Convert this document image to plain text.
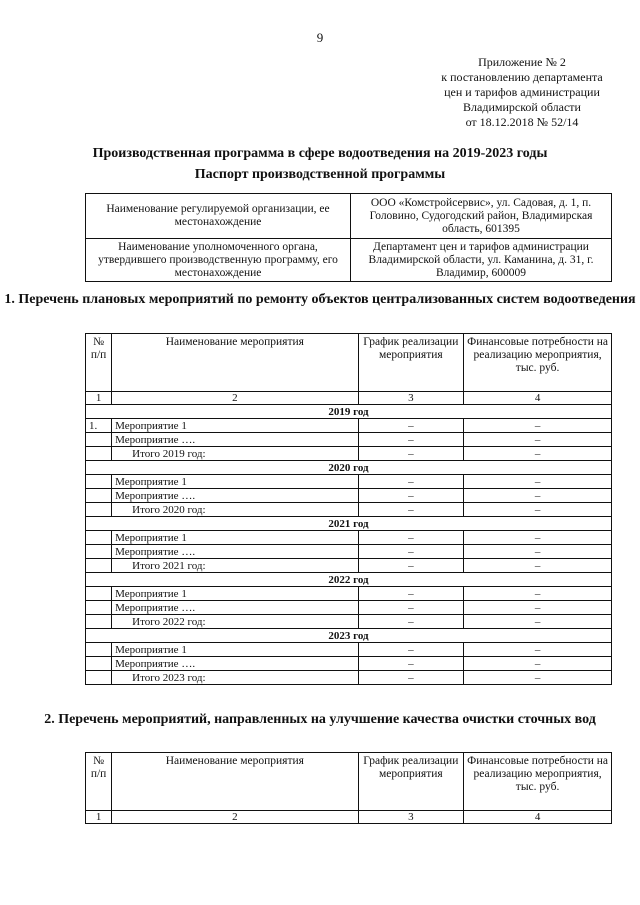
9
Приложение № 2
к постановлению департамента
цен и тарифов администрации
Владимирской области
от 18.12.2018 № 52/14
Производственная программа в сфере водоотведения на 2019-2023 годы
Паспорт производственной программы
Наименование регулируемой организации, ее местонахождение	ООО «Комстройсервис», ул. Садовая, д. 1, п. Головино, Судогодский район, Владимирская область, 601395
Наименование уполномоченного органа, утвердившего производственную программу, его местонахождение	Департамент цен и тарифов администрации Владимирской области, ул. Каманина, д. 31, г. Владимир, 600009
1. Перечень плановых мероприятий по ремонту объектов централизованных систем водоотведения
№ п/п	Наименование мероприятия	График реализации мероприятия	Финансовые потребности на реализацию мероприятия, тыс. руб.
1	2	3	4
2019 год			
1.	Мероприятие 1	–	–
	Мероприятие ….	–	–
	Итого 2019 год:	–	–
2020 год			
	Мероприятие 1	–	–
	Мероприятие ….	–	–
	Итого 2020 год:	–	–
2021 год			
	Мероприятие 1	–	–
	Мероприятие ….	–	–
	Итого 2021 год:	–	–
2022 год			
	Мероприятие 1	–	–
	Мероприятие ….	–	–
	Итого 2022 год:	–	–
2023 год			
	Мероприятие 1	–	–
	Мероприятие ….	–	–
	Итого 2023 год:	–	–
2. Перечень мероприятий, направленных на улучшение качества очистки сточных вод
№ п/п	Наименование мероприятия	График реализации мероприятия	Финансовые потребности на реализацию мероприятия, тыс. руб.
1	2	3	4
